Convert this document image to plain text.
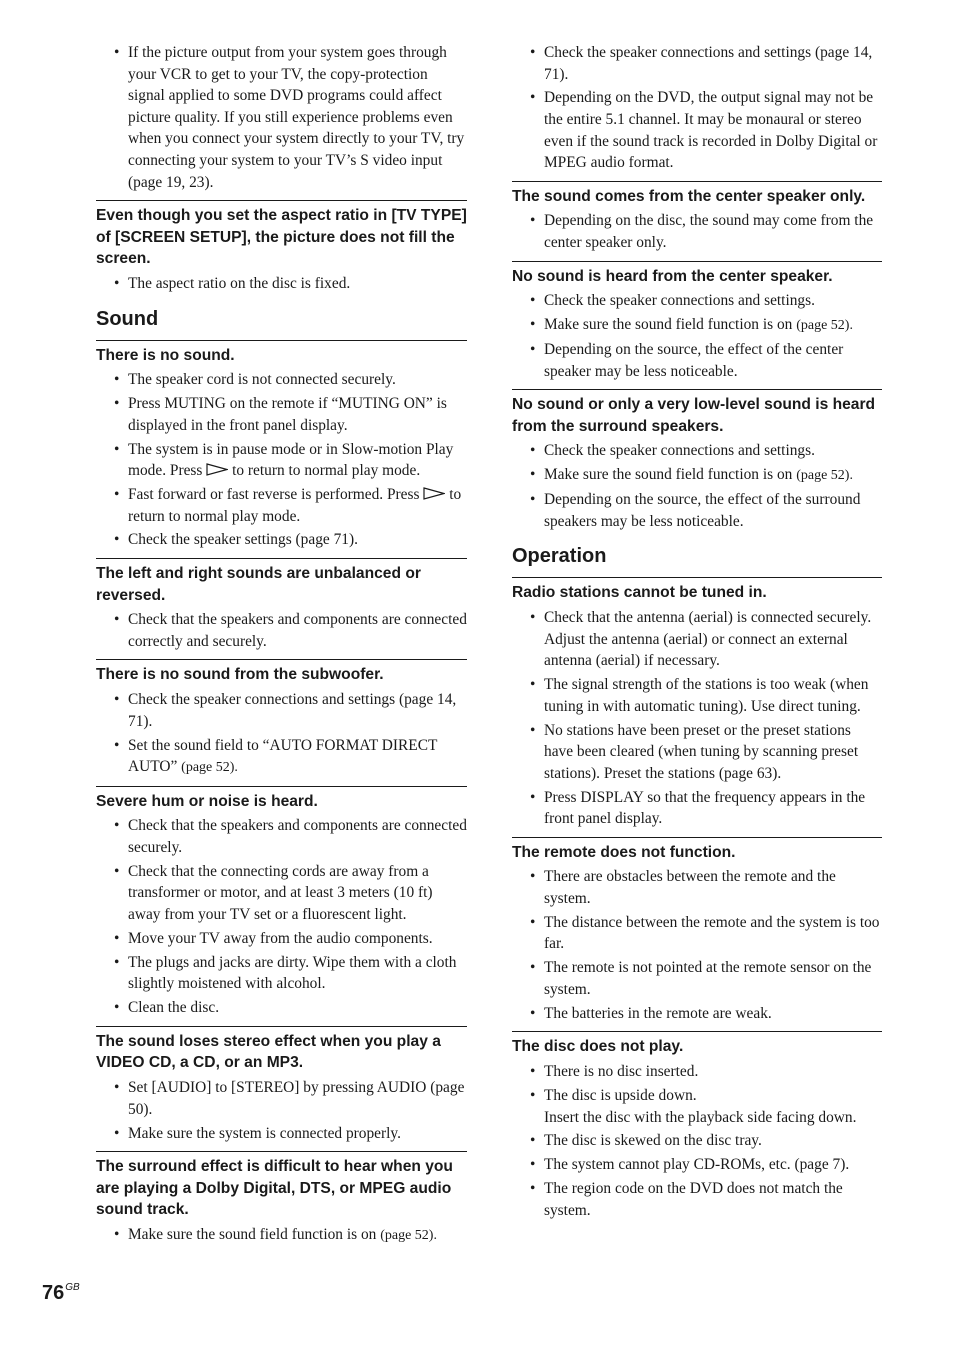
• If the picture output from your system goes through your VCR to get to your TV, the copy-protection signal applied to some DVD programs could affect picture quality. If you still experience problems even when you connect your system directly to your TV, try connecting your system to your TV’s S video input (page 19, 23).
Even though you set the aspect ratio in [TV TYPE] of [SCREEN SETUP], the picture does not fill the screen.
• The aspect ratio on the disc is fixed.
Sound
There is no sound.
• The speaker cord is not connected securely.
• Press MUTING on the remote if “MUTING ON” is displayed in the front panel display.
• The system is in pause mode or in Slow-motion Play mode. Press to return to normal play mode.
• Fast forward or fast reverse is performed. Press to return to normal play mode.
• Check the speaker settings (page 71).
The left and right sounds are unbalanced or reversed.
• Check that the speakers and components are connected correctly and securely.
There is no sound from the subwoofer.
• Check the speaker connections and settings (page 14, 71).
• Set the sound field to “AUTO FORMAT DIRECT AUTO” (page 52).
Severe hum or noise is heard.
• Check that the speakers and components are connected securely.
• Check that the connecting cords are away from a transformer or motor, and at least 3 meters (10 ft) away from your TV set or a fluorescent light.
• Move your TV away from the audio components.
• The plugs and jacks are dirty. Wipe them with a cloth slightly moistened with alcohol.
• Clean the disc.
The sound loses stereo effect when you play a VIDEO CD, a CD, or an MP3.
• Set [AUDIO] to [STEREO] by pressing AUDIO (page 50).
• Make sure the system is connected properly.
The surround effect is difficult to hear when you are playing a Dolby Digital, DTS, or MPEG audio sound track.
• Make sure the sound field function is on (page 52).
• Check the speaker connections and settings (page 14, 71).
• Depending on the DVD, the output signal may not be the entire 5.1 channel. It may be monaural or stereo even if the sound track is recorded in Dolby Digital or MPEG audio format.
The sound comes from the center speaker only.
• Depending on the disc, the sound may come from the center speaker only.
No sound is heard from the center speaker.
• Check the speaker connections and settings.
• Make sure the sound field function is on (page 52).
• Depending on the source, the effect of the center speaker may be less noticeable.
No sound or only a very low-level sound is heard from the surround speakers.
• Check the speaker connections and settings.
• Make sure the sound field function is on (page 52).
• Depending on the source, the effect of the surround speakers may be less noticeable.
Operation
Radio stations cannot be tuned in.
• Check that the antenna (aerial) is connected securely. Adjust the antenna (aerial) or connect an external antenna (aerial) if necessary.
• The signal strength of the stations is too weak (when tuning in with automatic tuning). Use direct tuning.
• No stations have been preset or the preset stations have been cleared (when tuning by scanning preset stations). Preset the stations (page 63).
• Press DISPLAY so that the frequency appears in the front panel display.
The remote does not function.
• There are obstacles between the remote and the system.
• The distance between the remote and the system is too far.
• The remote is not pointed at the remote sensor on the system.
• The batteries in the remote are weak.
The disc does not play.
• There is no disc inserted.
• The disc is upside down.
Insert the disc with the playback side facing down.
• The disc is skewed on the disc tray.
• The system cannot play CD-ROMs, etc. (page 7).
• The region code on the DVD does not match the system.
$76^{GB}$
